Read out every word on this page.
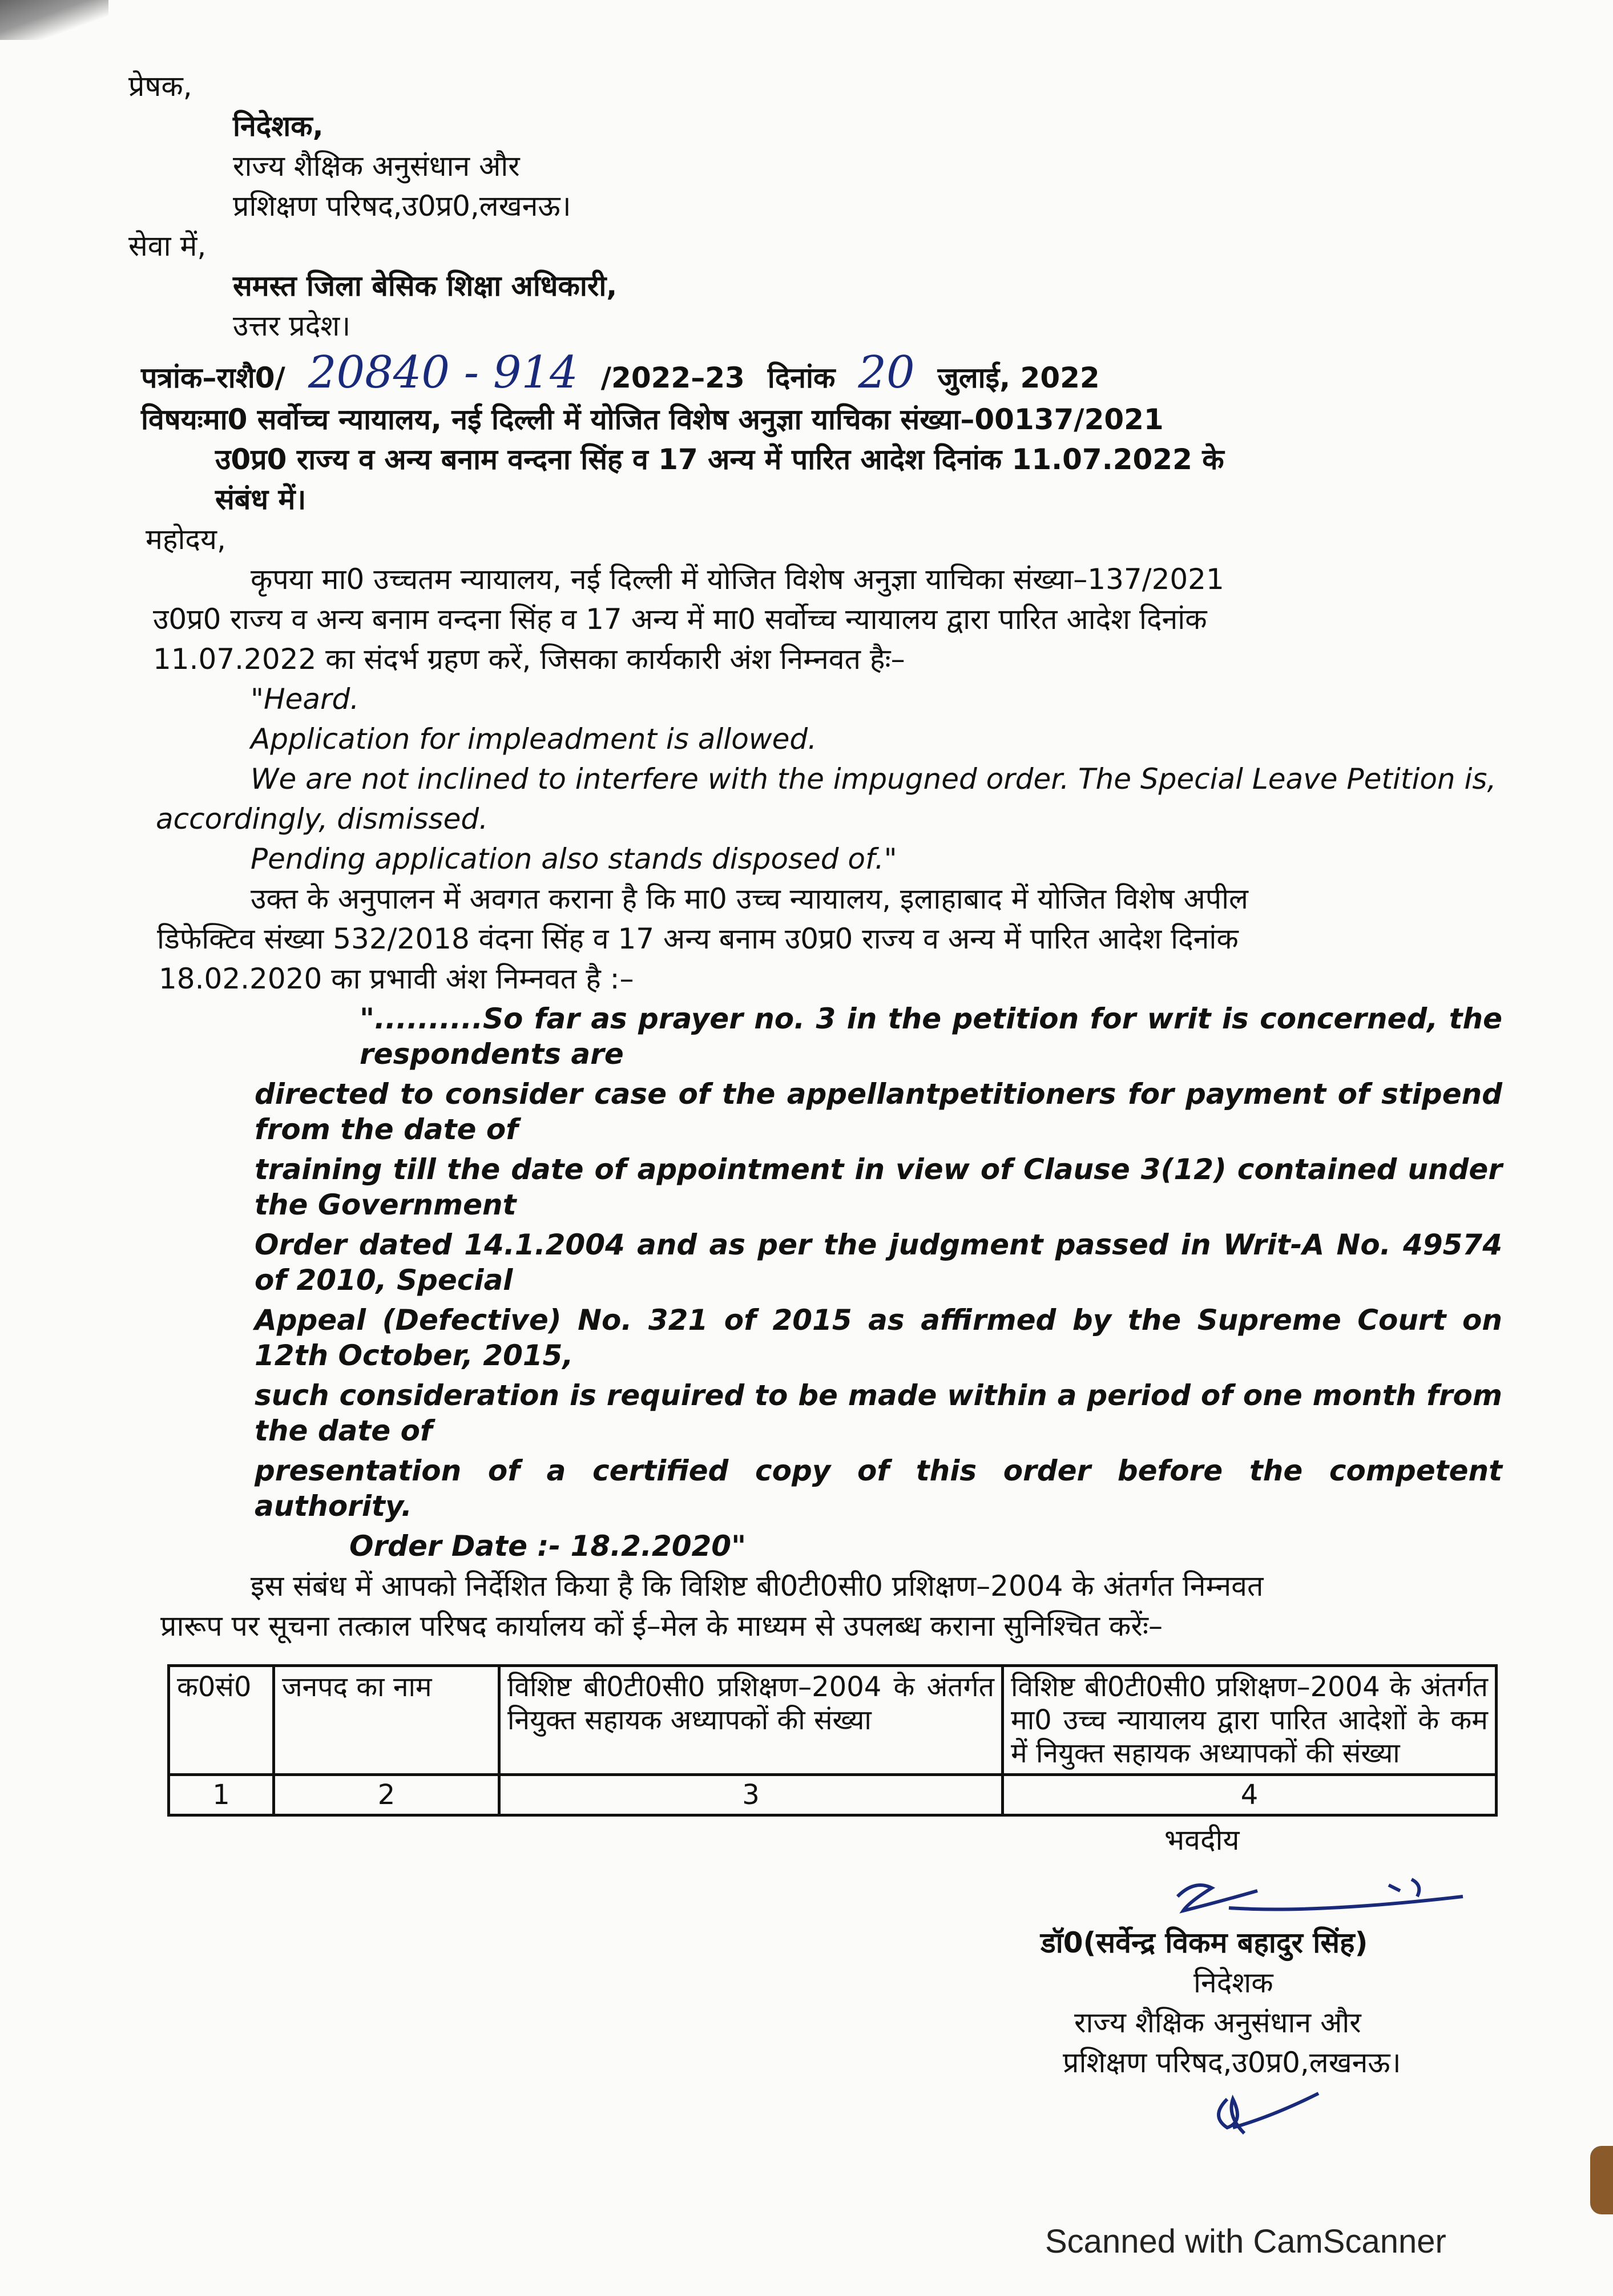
प्रेषक,
निदेशक,
राज्य शैक्षिक अनुसंधान और
प्रशिक्षण परिषद,उ0प्र0,लखनऊ।
सेवा में,
समस्त जिला बेसिक शिक्षा अधिकारी,
उत्तर प्रदेश।
पत्रांक–राशै0/ 20840 - 914 /2022–23 दिनांक 20 जुलाई, 2022
विषयःमा0 सर्वोच्च न्यायालय, नई दिल्ली में योजित विशेष अनुज्ञा याचिका संख्या–00137/2021
उ0प्र0 राज्य व अन्य बनाम वन्दना सिंह व 17 अन्य में पारित आदेश दिनांक 11.07.2022 के
संबंध में।
महोदय,
कृपया मा0 उच्चतम न्यायालय, नई दिल्ली में योजित विशेष अनुज्ञा याचिका संख्या–137/2021
उ0प्र0 राज्य व अन्य बनाम वन्दना सिंह व 17 अन्य में मा0 सर्वोच्च न्यायालय द्वारा पारित आदेश दिनांक
11.07.2022 का संदर्भ ग्रहण करें, जिसका कार्यकारी अंश निम्नवत हैः–
"Heard.
Application for impleadment is allowed.
We are not inclined to interfere with the impugned order. The Special Leave Petition is,
accordingly, dismissed.
Pending application also stands disposed of."
उक्त के अनुपालन में अवगत कराना है कि मा0 उच्च न्यायालय, इलाहाबाद में योजित विशेष अपील
डिफेक्टिव संख्या 532/2018 वंदना सिंह व 17 अन्य बनाम उ0प्र0 राज्य व अन्य में पारित आदेश दिनांक
18.02.2020 का प्रभावी अंश निम्नवत है :–
"..........So far as prayer no. 3 in the petition for writ is concerned, the respondents are
directed to consider case of the appellantpetitioners for payment of stipend from the date of
training till the date of appointment in view of Clause 3(12) contained under the Government
Order dated 14.1.2004 and as per the judgment passed in Writ-A No. 49574 of 2010, Special
Appeal (Defective) No. 321 of 2015 as affirmed by the Supreme Court on 12th October, 2015,
such consideration is required to be made within a period of one month from the date of
presentation of a certified copy of this order before the competent authority.
Order Date :- 18.2.2020"
इस संबंध में आपको निर्देशित किया है कि विशिष्ट बी0टी0सी0 प्रशिक्षण–2004 के अंतर्गत निम्नवत
प्रारूप पर सूचना तत्काल परिषद कार्यालय कों ई–मेल के माध्यम से उपलब्ध कराना सुनिश्चित करेंः–
क0सं0	जनपद का नाम	विशिष्ट बी0टी0सी0 प्रशिक्षण–2004 के अंतर्गत नियुक्त सहायक अध्यापकों की संख्या	विशिष्ट बी0टी0सी0 प्रशिक्षण–2004 के अंतर्गत मा0 उच्च न्यायालय द्वारा पारित आदेशों के कम में नियुक्त सहायक अध्यापकों की संख्या
1	2	3	4
भवदीय
डॉ0(सर्वेन्द्र विकम बहादुर सिंह)
निदेशक
राज्य शैक्षिक अनुसंधान और
प्रशिक्षण परिषद,उ0प्र0,लखनऊ।
Scanned with CamScanner
